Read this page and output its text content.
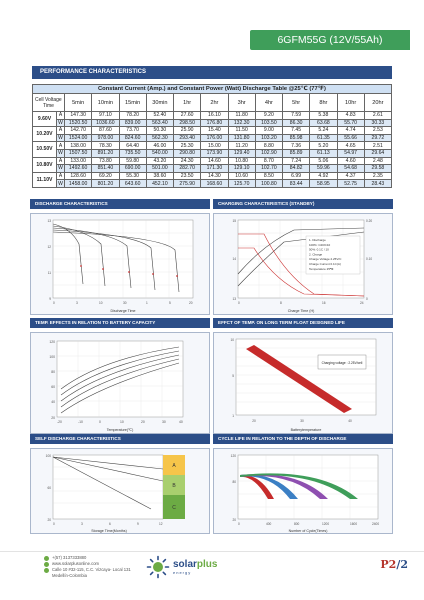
6GFM55G (12V/55Ah)
PERFORMANCE CHARACTERISTICS
Constant Current (Amp.) and Constant Power (Watt) Discharge Table @25℃ (77℉)													
Cell Voltage
Time		5min	10min	15min	30min	1hr	2hr	3hr	4hr	5hr	8hr	10hr	20hr
9.60V	A	147.30	97.10	78.20	52.40	27.60	16.10	11.80	9.20	7.59	5.38	4.83	2.61
	W	1520.50	1036.60	839.00	563.40	298.50	176.80	132.30	103.50	86.30	63.68	55.70	30.33
10.20V	A	142.70	87.60	73.70	50.30	25.90	15.40	11.50	9.00	7.45	5.24	4.74	2.53
	W	1524.00	978.00	824.60	562.30	293.40	176.00	131.80	103.20	85.98	61.35	55.66	29.72
10.50V	A	138.00	78.30	64.40	46.00	25.30	15.00	11.20	8.80	7.36	5.20	4.65	2.51
	W	1507.50	891.20	735.50	540.00	290.80	173.90	129.40	102.90	85.89	61.13	54.97	29.64
10.80V	A	133.00	73.80	59.80	43.20	24.30	14.60	10.80	8.70	7.24	5.06	4.60	2.48
	W	1492.60	851.40	690.00	501.00	282.70	171.30	129.10	102.70	84.82	59.96	54.68	29.58
11.10V	A	128.60	69.20	55.30	38.60	23.50	14.30	10.60	8.50	6.99	4.92	4.37	2.35
	W	1458.00	801.20	643.60	452.10	275.90	168.60	125.70	100.80	83.44	58.95	52.75	28.43
DISCHARGE CHARACTERISTICS
13
12
11
9
0	3	10	30	1	5	20
Discharge Time
CHARGING CHARACTERISTICS (STANDBY)
1. Discharge
100%: C20/C10
50%: 0.1C / 10
2. Charge
Charge Voltage 2.25V/C
Charge Current 0.1C(A)
Temperature 25℃
15
14
13
0.20
0.10
0
0	8	16	24
Charge Time (H)
TEMP. EFFECTS IN RELATION TO BATTERY CAPACITY
120
100
80
60
40
20
-20	-10	0	10	20	30	40
Temperature(℃)
EFFCT OF TEMP. ON LONG TERM FLOAT DESIGNED LIFE
Charging voltage : 2.25V/cell
10
5
1
20	30	40
Batterytemperature
SELF DISCHARGE CHARACTERISTICS
A
B
C
100
60
20
0	3	6	9	12
Storage Time(Months)
CYCLE LIFE IN RELATION TO THE DEPTH OF DISCHARGE
120
80
20
0	400	800	1200	1600	2400
Number of Cycle(Times)
+(57) 3137333880
www.solarplusonline.com
Calle 10 #32-115, C.C. Vizcaya- Local 131
Medellín-Colombia
solarplus
energy
P2/2
